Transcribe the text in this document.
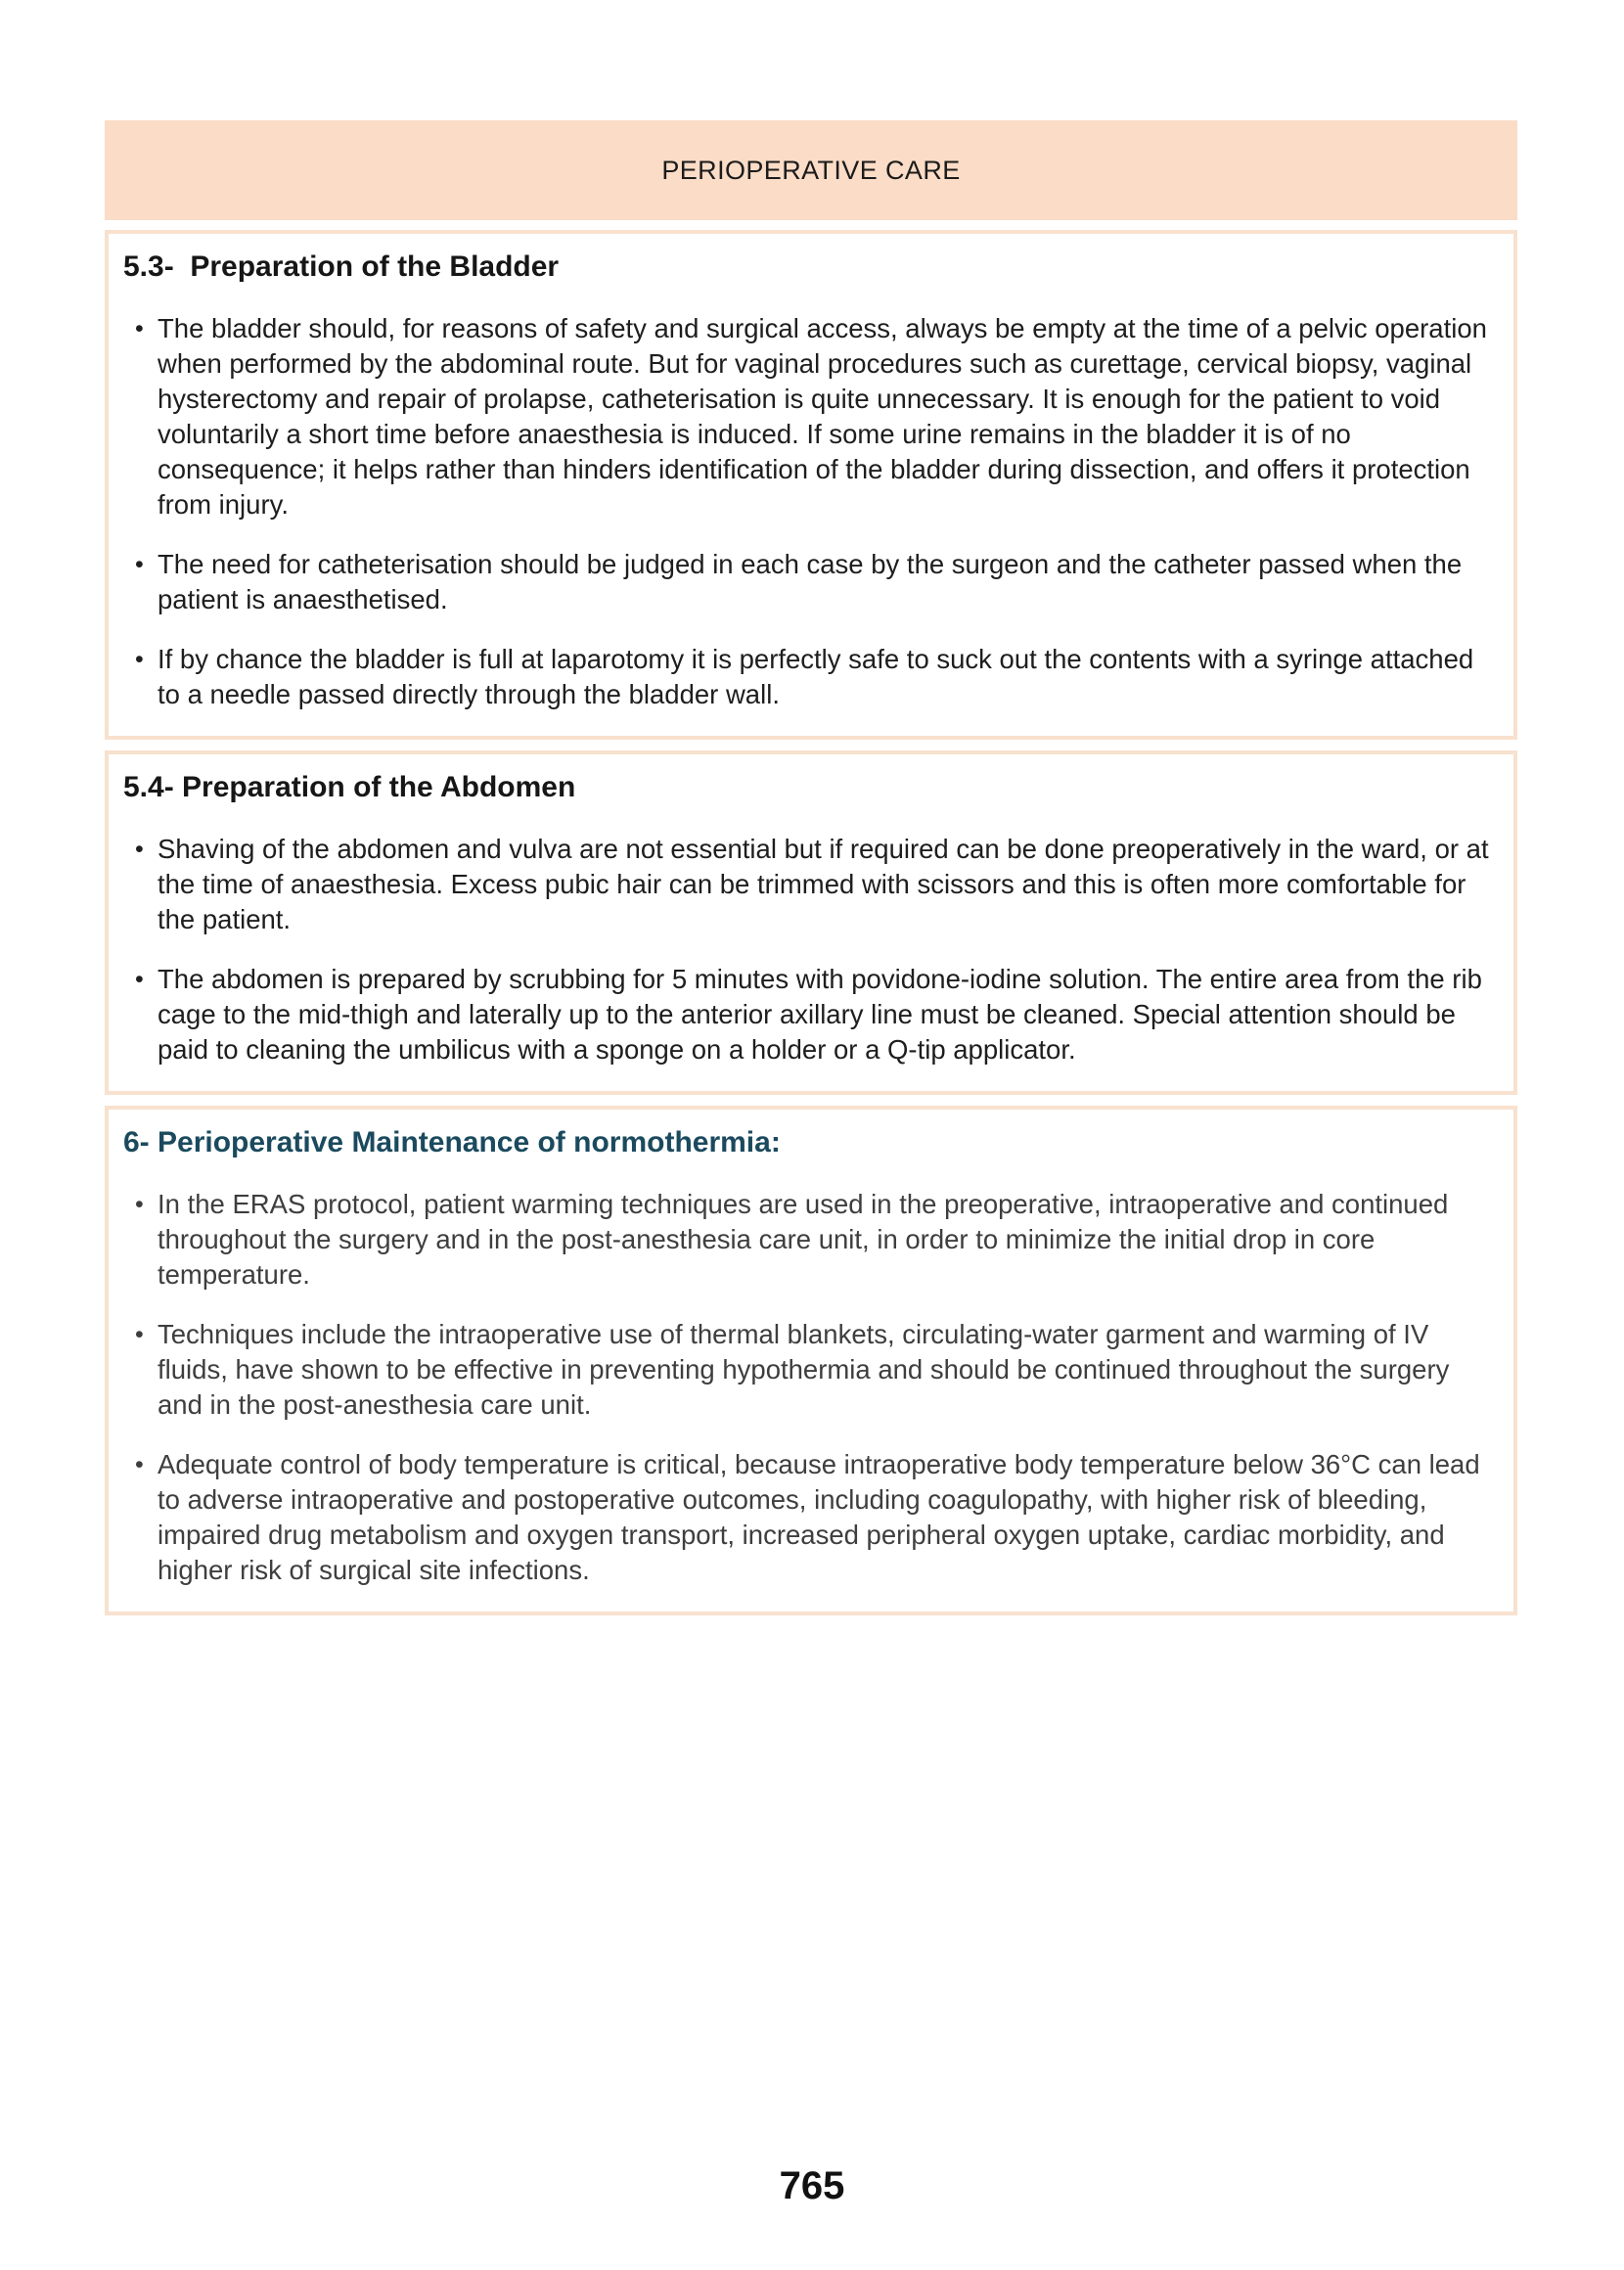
PERIOPERATIVE CARE
5.3-  Preparation of the Bladder
• The bladder should, for reasons of safety and surgical access, always be empty at the time of a pelvic operation when performed by the abdominal route. But for vaginal procedures such as curettage, cervical biopsy, vaginal hysterectomy and repair of prolapse, catheterisation is quite unnecessary. It is enough for the patient to void voluntarily a short time before anaesthesia is induced. If some urine remains in the bladder it is of no consequence; it helps rather than hinders identification of the bladder during dissection, and offers it protection from injury.
• The need for catheterisation should be judged in each case by the surgeon and the catheter passed when the patient is anaesthetised.
• If by chance the bladder is full at laparotomy it is perfectly safe to suck out the contents with a syringe attached to a needle passed directly through the bladder wall.
5.4- Preparation of the Abdomen
• Shaving of the abdomen and vulva are not essential but if required can be done preoperatively in the ward, or at the time of anaesthesia. Excess pubic hair can be trimmed with scissors and this is often more comfortable for the patient.
• The abdomen is prepared by scrubbing for 5 minutes with povidone-iodine solution. The entire area from the rib cage to the mid-thigh and laterally up to the anterior axillary line must be cleaned. Special attention should be paid to cleaning the umbilicus with a sponge on a holder or a Q-tip applicator.
6- Perioperative Maintenance of normothermia:
• In the ERAS protocol, patient warming techniques are used in the preoperative, intraoperative and continued throughout the surgery and in the post-anesthesia care unit, in order to minimize the initial drop in core temperature.
• Techniques include the intraoperative use of thermal blankets, circulating-water garment and warming of IV fluids, have shown to be effective in preventing hypothermia and should be continued throughout the surgery and in the post-anesthesia care unit.
• Adequate control of body temperature is critical, because intraoperative body temperature below 36°C can lead to adverse intraoperative and postoperative outcomes, including coagulopathy, with higher risk of bleeding, impaired drug metabolism and oxygen transport, increased peripheral oxygen uptake, cardiac morbidity, and higher risk of surgical site infections.
765
